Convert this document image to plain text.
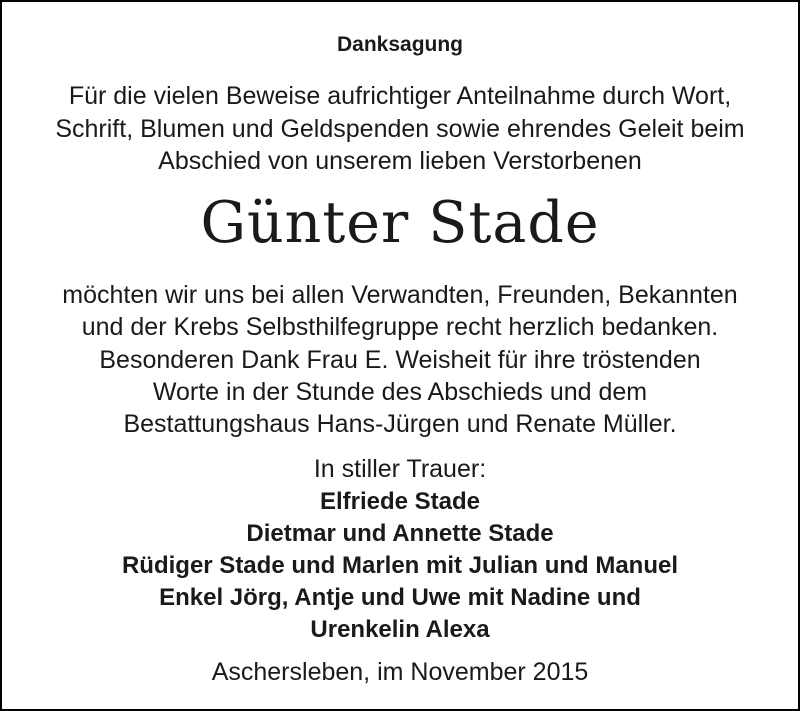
Danksagung
Für die vielen Beweise aufrichtiger Anteilnahme durch Wort,
Schrift, Blumen und Geldspenden sowie ehrendes Geleit beim
Abschied von unserem lieben Verstorbenen
Günter Stade
möchten wir uns bei allen Verwandten, Freunden, Bekannten
und der Krebs Selbsthilfegruppe recht herzlich bedanken.
Besonderen Dank Frau E. Weisheit für ihre tröstenden
Worte in der Stunde des Abschieds und dem
Bestattungshaus Hans-Jürgen und Renate Müller.
In stiller Trauer:
Elfriede Stade
Dietmar und Annette Stade
Rüdiger Stade und Marlen mit Julian und Manuel
Enkel Jörg, Antje und Uwe mit Nadine und
Urenkelin Alexa
Aschersleben, im November 2015
